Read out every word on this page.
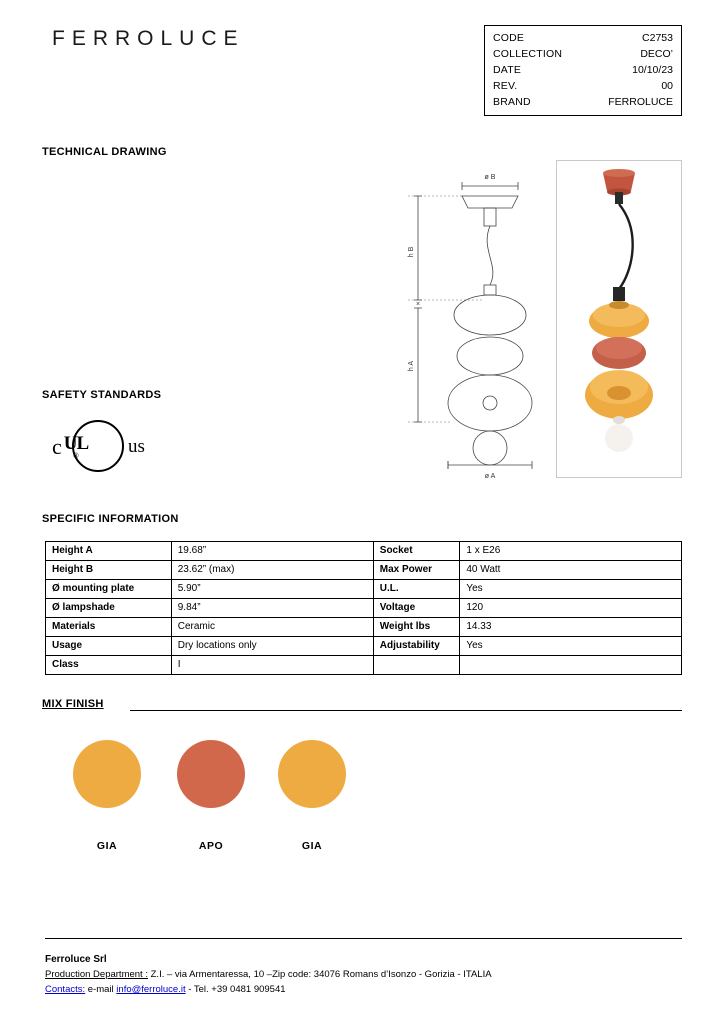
FERROLUCE	CODE	C2753
COLLECTION	DECO’
DATE	10/10/23
REV.	00
BRAND	FERROLUCE
TECHNICAL DRAWING
SAFETY STANDARDS
SPECIFIC INFORMATION
c UL
®	us
ø B
h B
h A
ø A
×
Height A	19.68”	Socket	1 x E26
Height B	23.62” (max)	Max Power	40 Watt
Ø mounting plate	5.90”	U.L.	Yes
Ø lampshade	9.84”	Voltage	120
Materials	Ceramic	Weight lbs	14.33
Usage	Dry locations only	Adjustability	Yes
Class	I		
MIX FINISH
GIA	APO	GIA
Ferroluce Srl
Production Department : Z.I. – via Armentaressa, 10 –Zip code: 34076 Romans d’Isonzo - Gorizia - ITALIA
Contacts: e-mail info@ferroluce.it - Tel. +39 0481 909541
